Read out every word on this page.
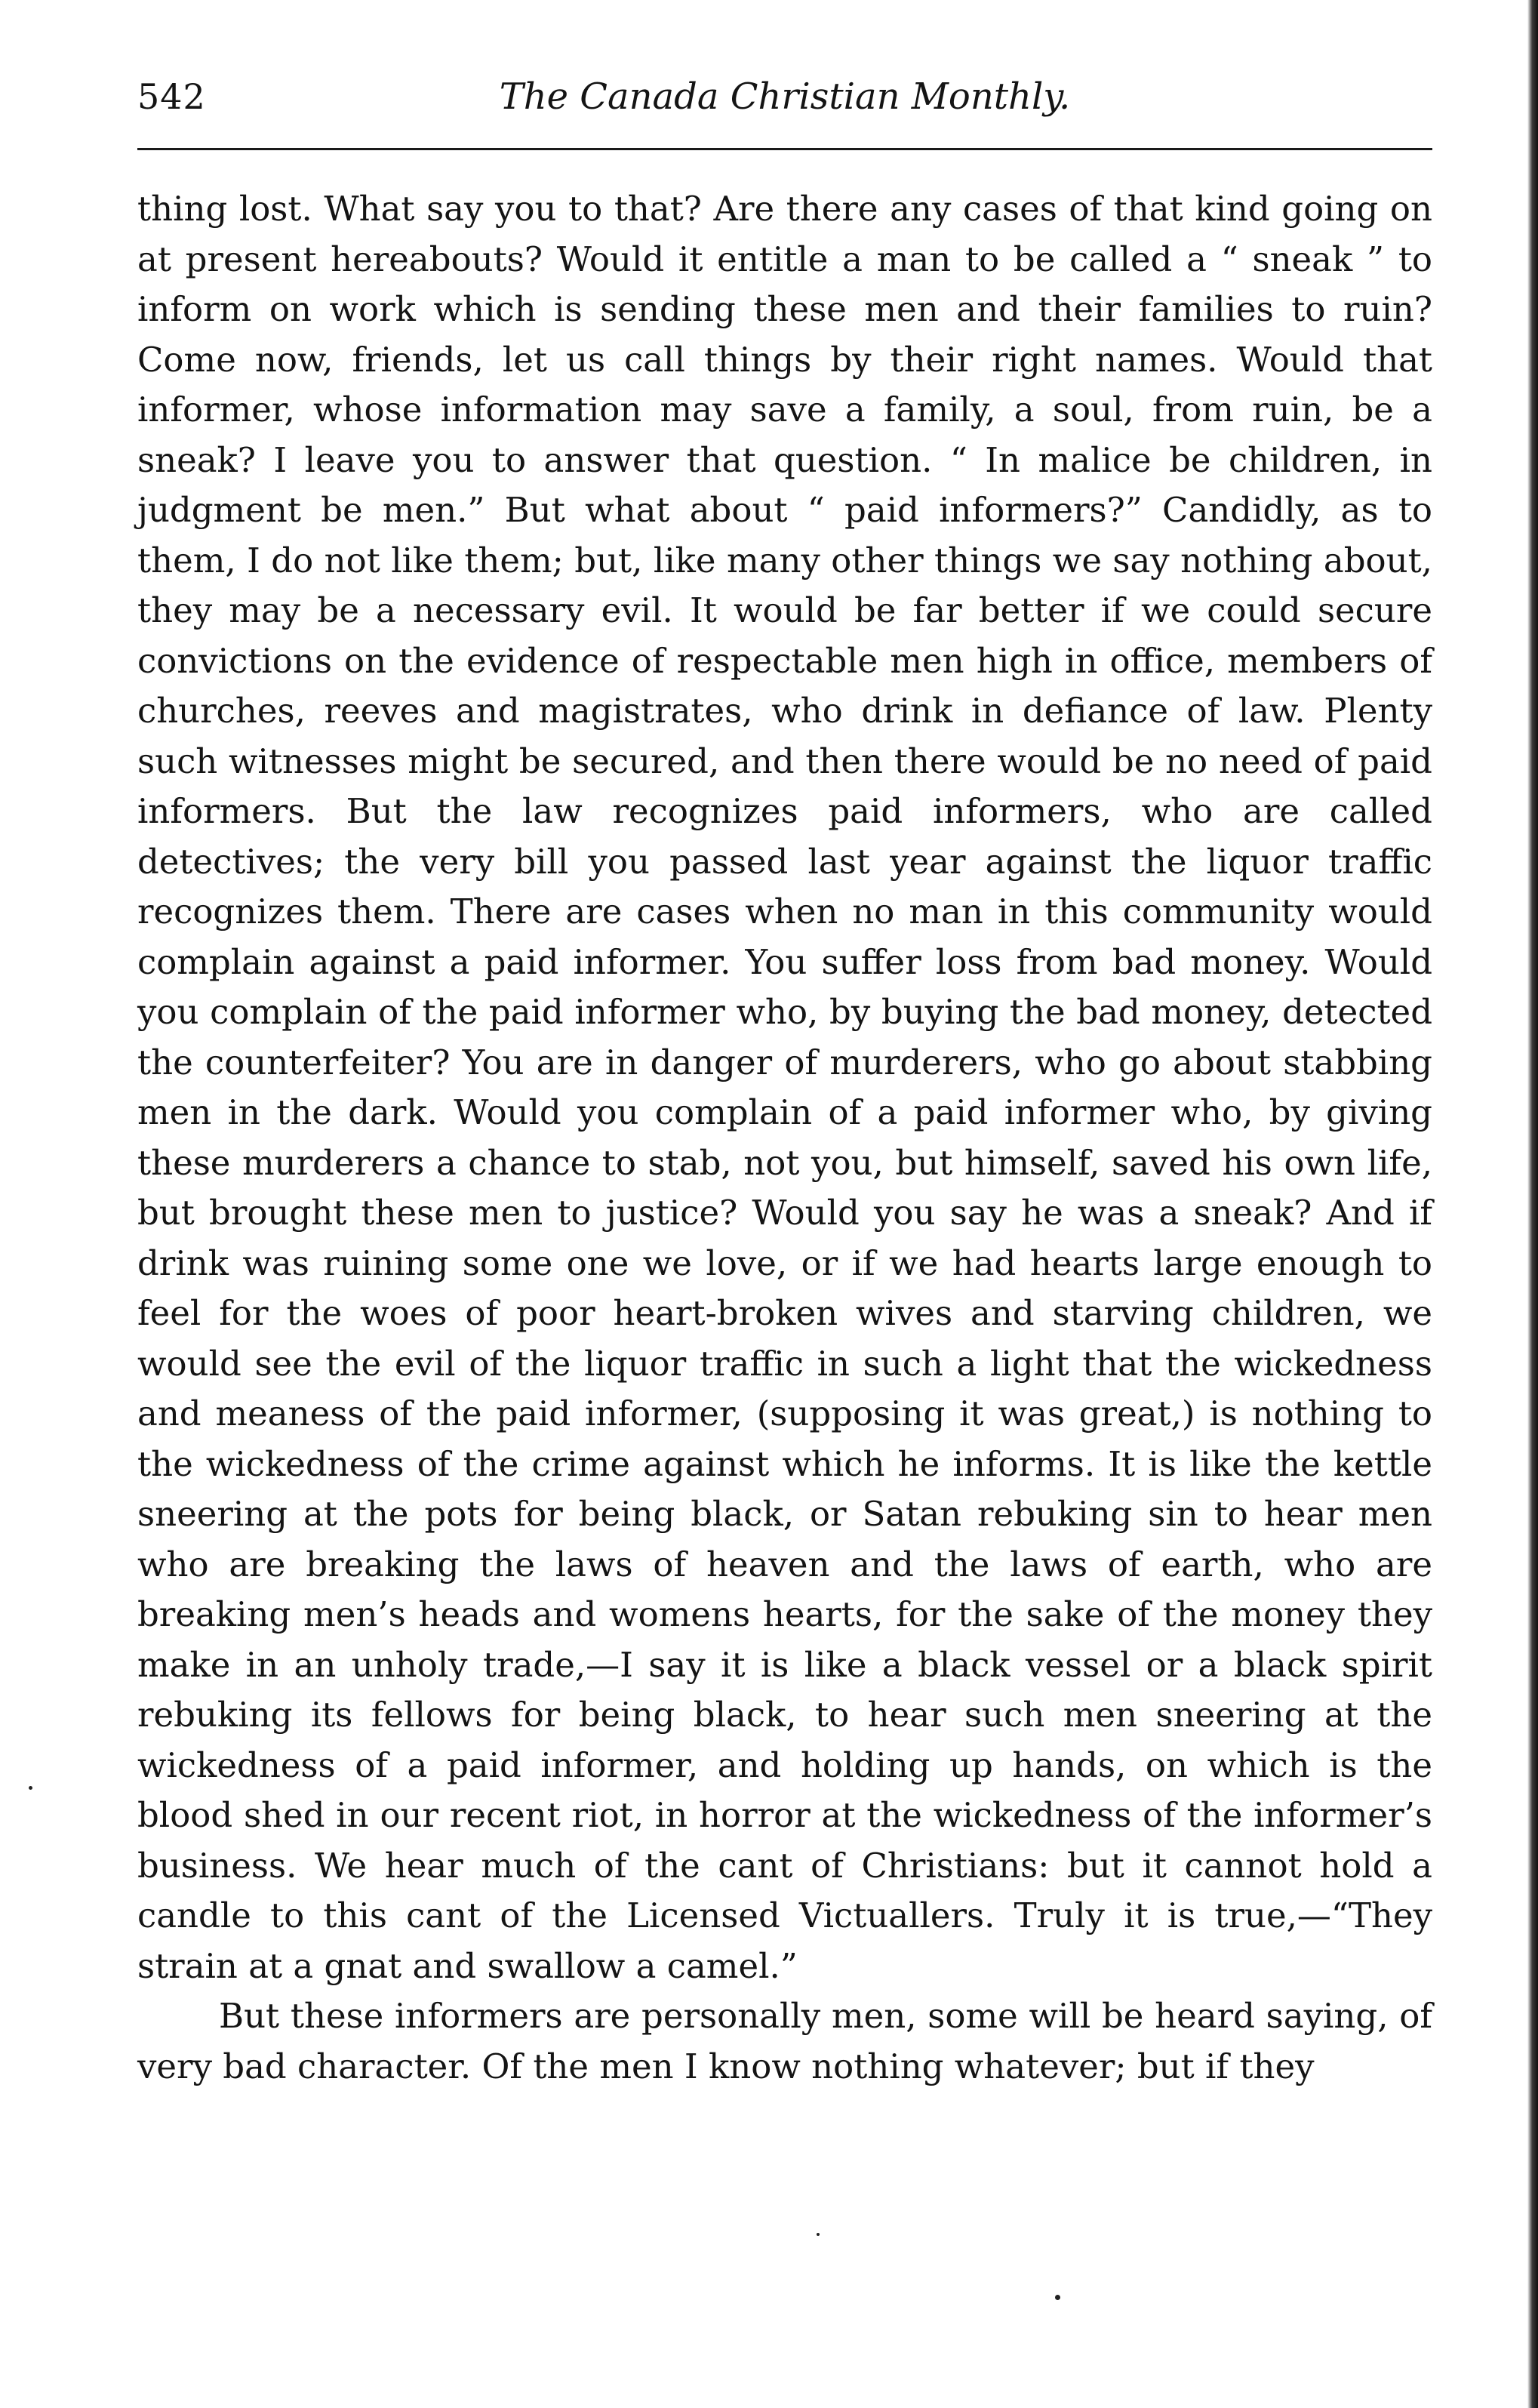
542	The Canada Christian Monthly.

thing lost. What say you to that? Are there any cases of that kind going on at present hereabouts? Would it entitle a man to be called a “ sneak ” to inform on work which is sending these men and their families to ruin? Come now, friends, let us call things by their right names. Would that informer, whose information may save a family, a soul, from ruin, be a sneak? I leave you to answer that question. “ In malice be children, in judgment be men.” But what about “ paid informers?” Candidly, as to them, I do not like them; but, like many other things we say nothing about, they may be a necessary evil. It would be far better if we could secure convictions on the evidence of respectable men high in office, members of churches, reeves and magistrates, who drink in defiance of law. Plenty such witnesses might be secured, and then there would be no need of paid informers. But the law recognizes paid informers, who are called detectives; the very bill you passed last year against the liquor traffic recognizes them. There are cases when no man in this community would complain against a paid informer. You suffer loss from bad money. Would you complain of the paid informer who, by buying the bad money, detected the counterfeiter? You are in danger of murderers, who go about stabbing men in the dark. Would you complain of a paid informer who, by giving these murderers a chance to stab, not you, but himself, saved his own life, but brought these men to justice? Would you say he was a sneak? And if drink was ruining some one we love, or if we had hearts large enough to feel for the woes of poor heart-broken wives and starving children, we would see the evil of the liquor traffic in such a light that the wickedness and meaness of the paid informer, (supposing it was great,) is nothing to the wickedness of the crime against which he informs. It is like the kettle sneering at the pots for being black, or Satan rebuking sin to hear men who are breaking the laws of heaven and the laws of earth, who are breaking men’s heads and womens hearts, for the sake of the money they make in an unholy trade,—I say it is like a black vessel or a black spirit rebuking its fellows for being black, to hear such men sneering at the wickedness of a paid informer, and holding up hands, on which is the blood shed in our recent riot, in horror at the wickedness of the informer’s business. We hear much of the cant of Christians: but it cannot hold a candle to this cant of the Licensed Victuallers. Truly it is true,—“They strain at a gnat and swallow a camel.”

But these informers are personally men, some will be heard saying, of very bad character. Of the men I know nothing whatever; but if they
